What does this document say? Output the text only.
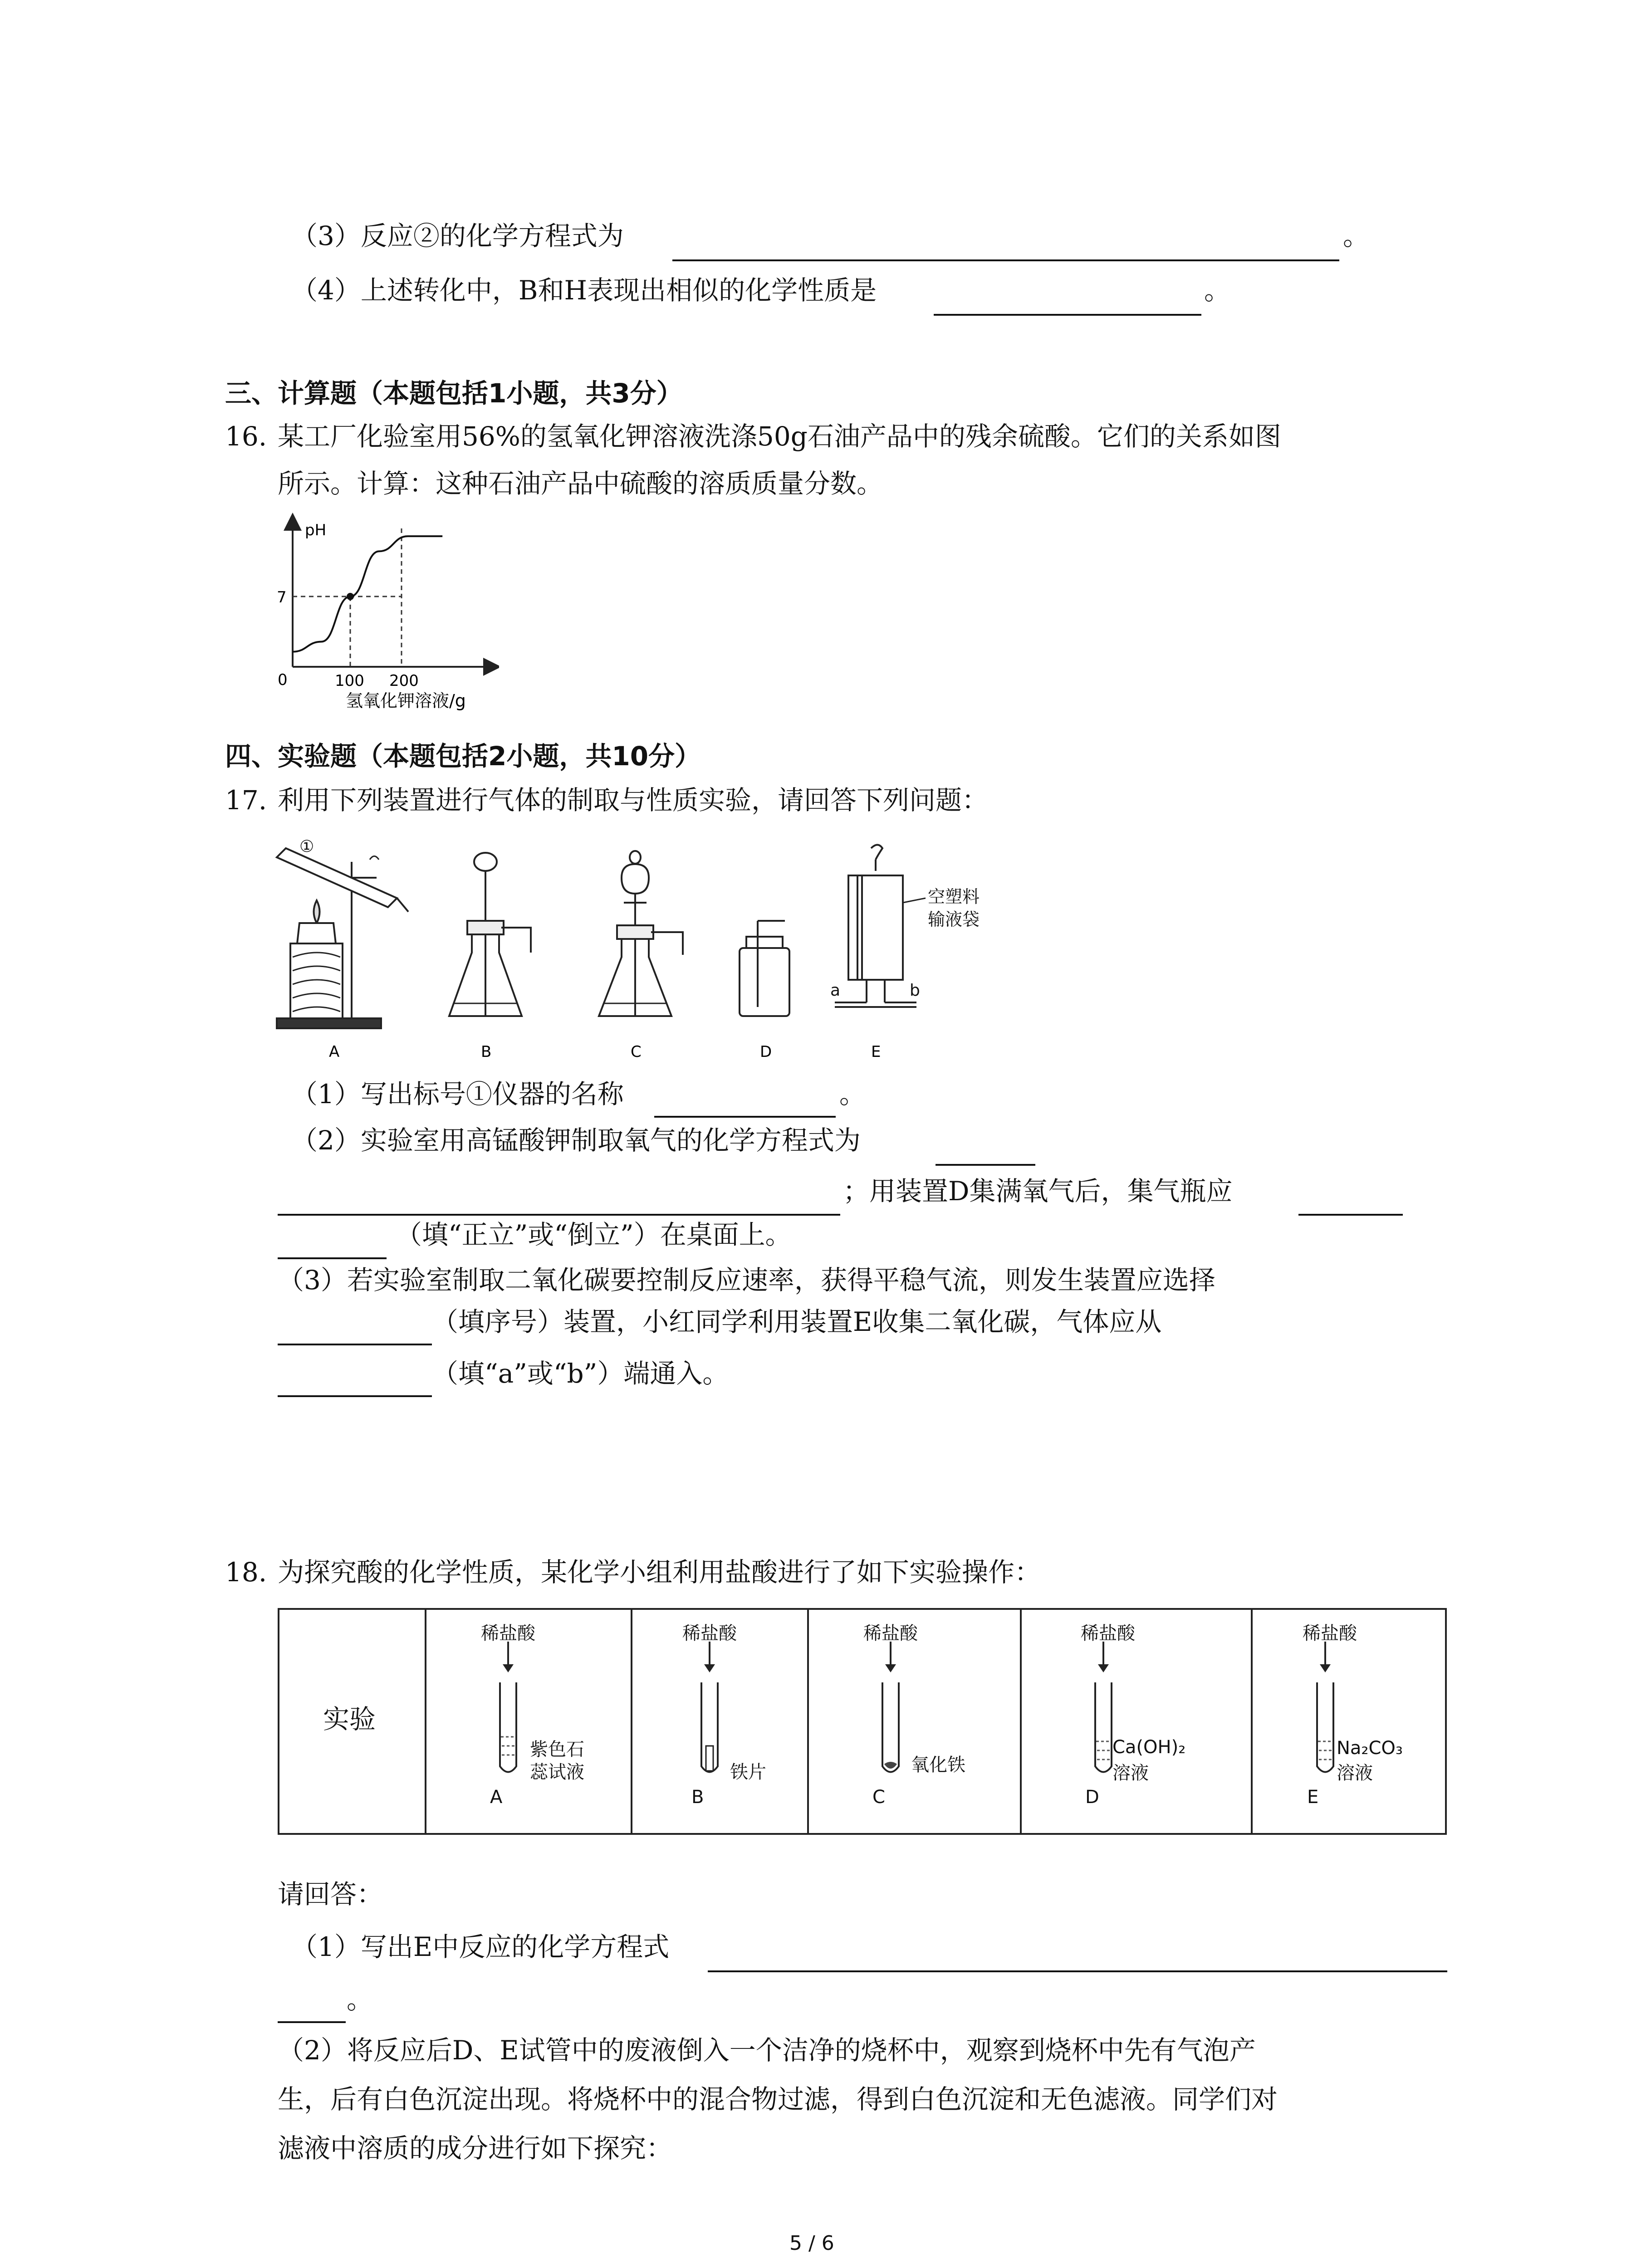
（3）反应②的化学方程式为	。
（4）上述转化中，B和H表现出相似的化学性质是	。
三、计算题（本题包括1小题，共3分）
16. 某工厂化验室用56%的氢氧化钾溶液洗涤50g石油产品中的残余硫酸。它们的关系如图
所示。计算：这种石油产品中硫酸的溶质质量分数。
pH
0
7
100 200
氢氧化钾溶液/g
四、实验题（本题包括2小题，共10分）
17. 利用下列装置进行气体的制取与性质实验，请回答下列问题：
①
a	b
空塑料
输液袋
A	B	C	D	E
（1）写出标号①仪器的名称	。
（2）实验室用高锰酸钾制取氧气的化学方程式为
；用装置D集满氧气后，集气瓶应
（填“正立”或“倒立”）在桌面上。
（3）若实验室制取二氧化碳要控制反应速率，获得平稳气流，则发生装置应选择
（填序号）装置，小红同学利用装置E收集二氧化碳，气体应从
（填“a”或“b”）端通入。
18. 为探究酸的化学性质，某化学小组利用盐酸进行了如下实验操作：
实验

稀盐酸
紫色石
蕊试液
A

稀盐酸
铁片
B

稀盐酸
氧化铁
C

稀盐酸
Ca(OH)₂
溶液
D

稀盐酸
Na₂CO₃
溶液
E
请回答：
（1）写出E中反应的化学方程式
。
（2）将反应后D、E试管中的废液倒入一个洁净的烧杯中，观察到烧杯中先有气泡产
生，后有白色沉淀出现。将烧杯中的混合物过滤，得到白色沉淀和无色滤液。同学们对
滤液中溶质的成分进行如下探究：
5 / 6
